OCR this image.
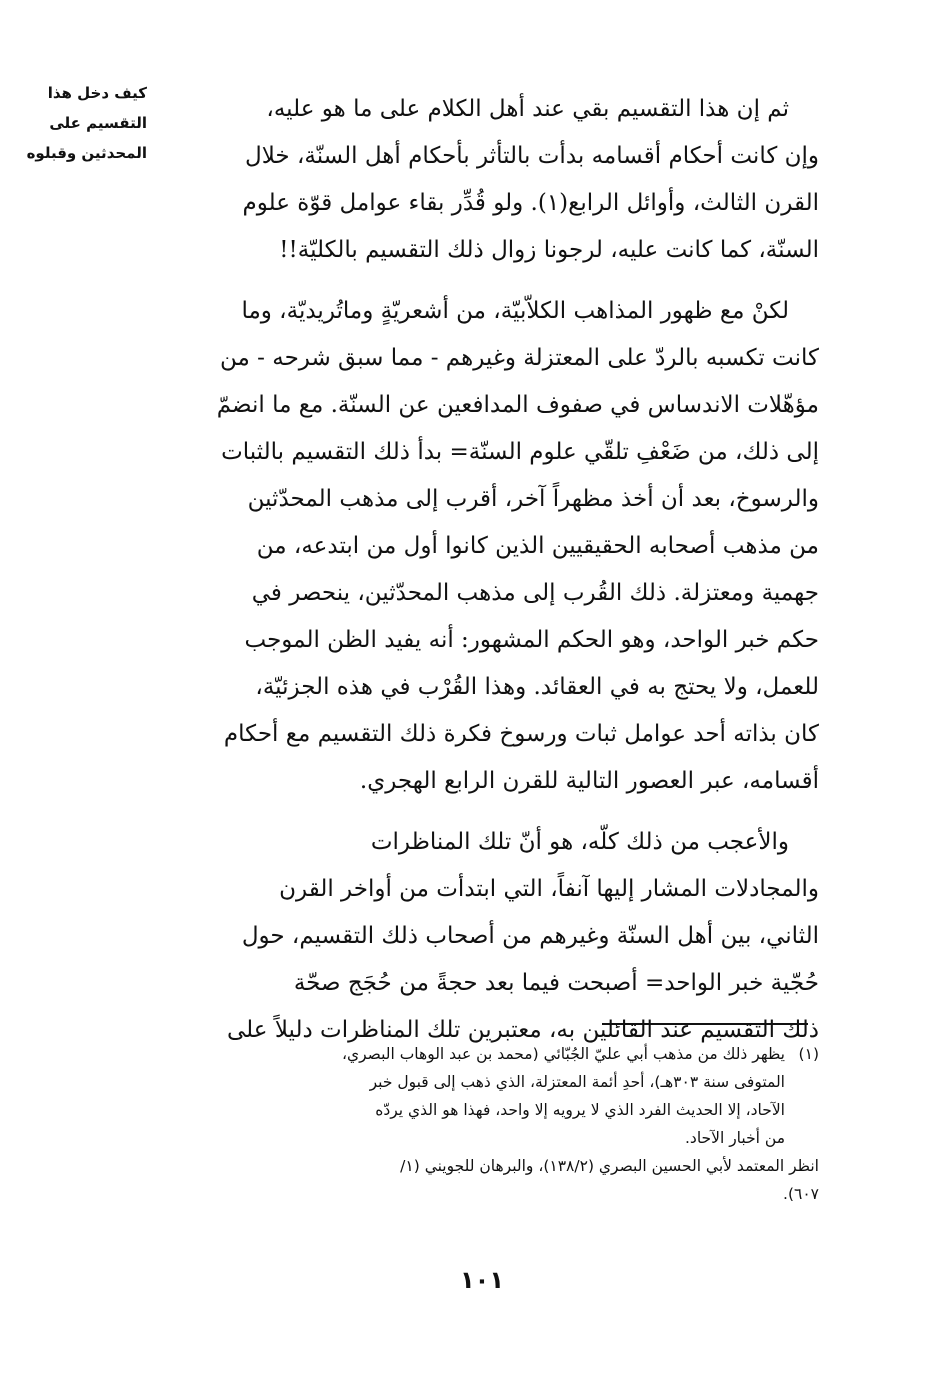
كيف دخل هذا
التقسيم على
المحدثين وقبلوه
ثم إن هذا التقسيم بقي عند أهل الكلام على ما هو عليه،
وإن كانت أحكام أقسامه بدأت بالتأثر بأحكام أهل السنّة، خلال
القرن الثالث، وأوائل الرابع(١). ولو قُدِّر بقاء عوامل قوّة علوم
السنّة، كما كانت عليه، لرجونا زوال ذلك التقسيم بالكليّة!!
لكنْ مع ظهور المذاهب الكلاّبيّة، من أشعريّةٍ وماتُريديّة، وما
كانت تكسبه بالردّ على المعتزلة وغيرهم - مما سبق شرحه - من
مؤهّلات الاندساس في صفوف المدافعين عن السنّة. مع ما انضمّ
إلى ذلك، من ضَعْفِ تلقّي علوم السنّة= بدأ ذلك التقسيم بالثبات
والرسوخ، بعد أن أخذ مظهراً آخر، أقرب إلى مذهب المحدّثين
من مذهب أصحابه الحقيقيين الذين كانوا أول من ابتدعه، من
جهمية ومعتزلة. ذلك القُرب إلى مذهب المحدّثين، ينحصر في
حكم خبر الواحد، وهو الحكم المشهور: أنه يفيد الظن الموجب
للعمل، ولا يحتج به في العقائد. وهذا القُرْب في هذه الجزئيّة،
كان بذاته أحد عوامل ثبات ورسوخ فكرة ذلك التقسيم مع أحكام
أقسامه، عبر العصور التالية للقرن الرابع الهجري.
والأعجب من ذلك كلّه، هو أنّ تلك المناظرات
والمجادلات المشار إليها آنفاً، التي ابتدأت من أواخر القرن
الثاني، بين أهل السنّة وغيرهم من أصحاب ذلك التقسيم، حول
حُجّية خبر الواحد= أصبحت فيما بعد حجةً من حُجَج صحّة
ذلك التقسيم عند القائلين به، معتبرين تلك المناظرات دليلاً على
(١)يظهر ذلك من مذهب أبي عليّ الجُبّائي (محمد بن عبد الوهاب البصري،
المتوفى سنة ٣٠٣هـ)، أحدِ أئمة المعتزلة، الذي ذهب إلى قبول خبر
الآحاد، إلا الحديث الفرد الذي لا يرويه إلا واحد، فهذا هو الذي يردّه
من أخبار الآحاد.
انظر المعتمد لأبي الحسين البصري (١٣٨/٢)، والبرهان للجويني (١/
٦٠٧).
١٠١
